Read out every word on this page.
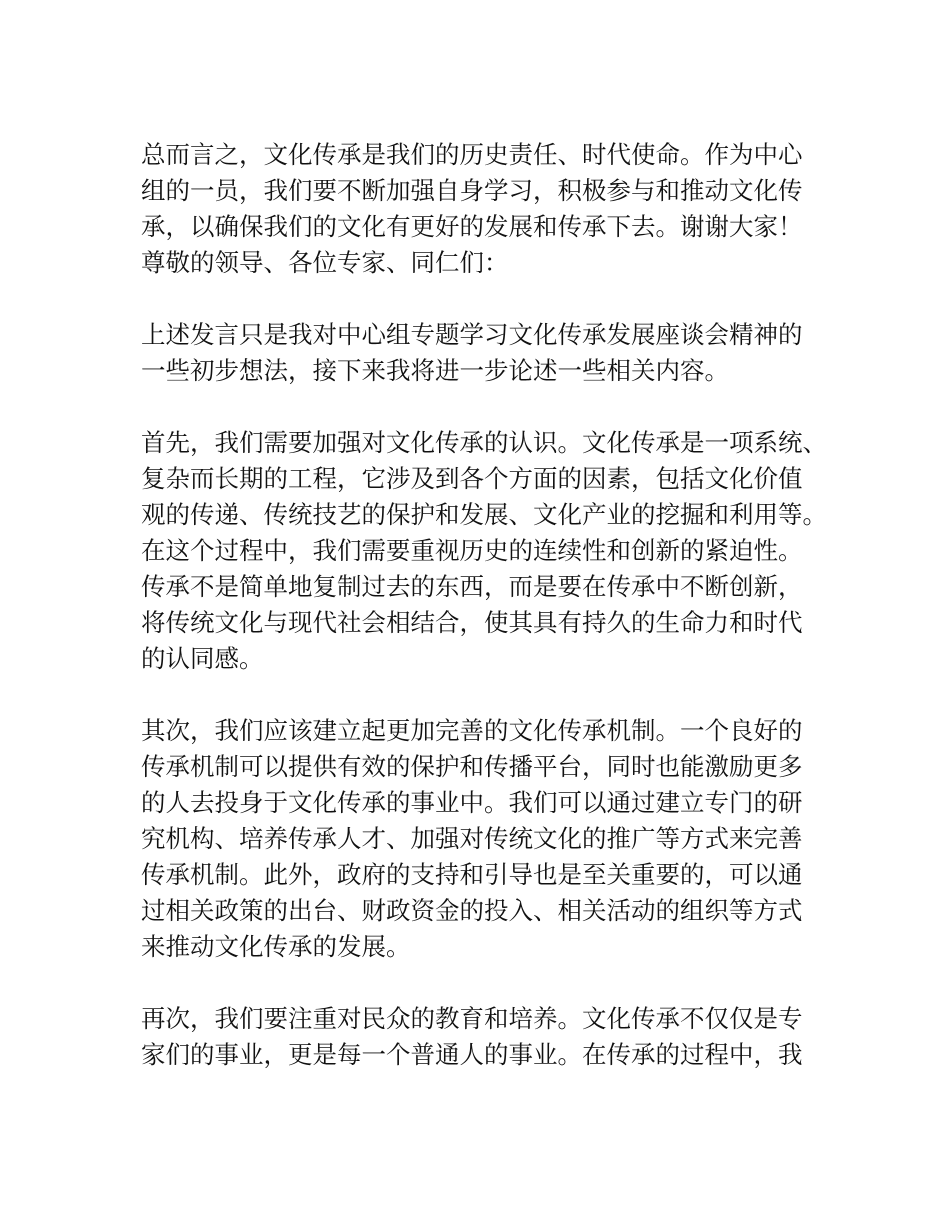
总而言之，文化传承是我们的历史责任、时代使命。作为中心
组的一员，我们要不断加强自身学习，积极参与和推动文化传
承，以确保我们的文化有更好的发展和传承下去。谢谢大家！
尊敬的领导、各位专家、同仁们：
上述发言只是我对中心组专题学习文化传承发展座谈会精神的
一些初步想法，接下来我将进一步论述一些相关内容。
首先，我们需要加强对文化传承的认识。文化传承是一项系统、
复杂而长期的工程，它涉及到各个方面的因素，包括文化价值
观的传递、传统技艺的保护和发展、文化产业的挖掘和利用等。
在这个过程中，我们需要重视历史的连续性和创新的紧迫性。
传承不是简单地复制过去的东西，而是要在传承中不断创新，
将传统文化与现代社会相结合，使其具有持久的生命力和时代
的认同感。
其次，我们应该建立起更加完善的文化传承机制。一个良好的
传承机制可以提供有效的保护和传播平台，同时也能激励更多
的人去投身于文化传承的事业中。我们可以通过建立专门的研
究机构、培养传承人才、加强对传统文化的推广等方式来完善
传承机制。此外，政府的支持和引导也是至关重要的，可以通
过相关政策的出台、财政资金的投入、相关活动的组织等方式
来推动文化传承的发展。
再次，我们要注重对民众的教育和培养。文化传承不仅仅是专
家们的事业，更是每一个普通人的事业。在传承的过程中，我
